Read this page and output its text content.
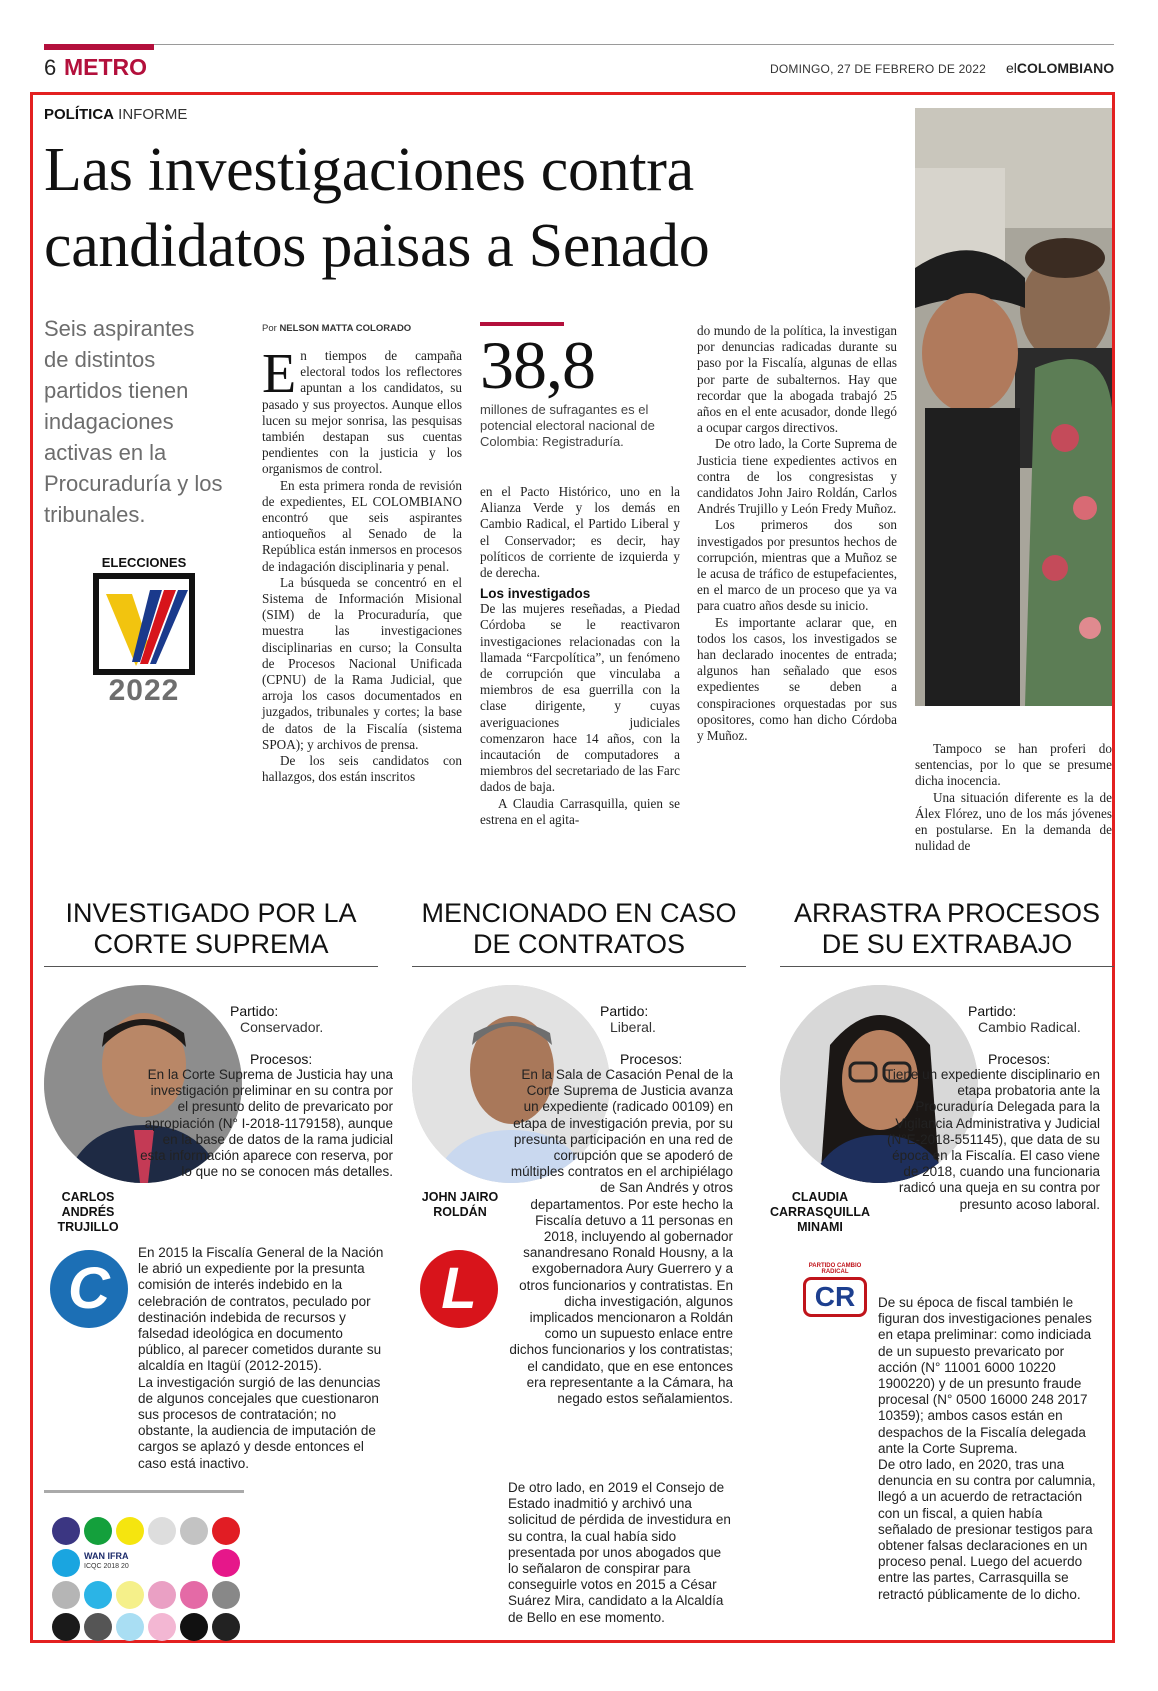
6 METRO	DOMINGO, 27 DE FEBRERO DE 2022 elCOLOMBIANO
POLÍTICA INFORME
Las investigaciones contra
candidatos paisas a Senado
Seis aspirantes de distintos partidos tienen indagaciones activas en la Procuraduría y los tribunales.
ELECCIONES
2022
Por NELSON MATTA COLORADO

En tiempos de campaña electoral todos los reflectores apuntan a los candidatos, su pasado y sus proyectos. Aunque ellos lucen su mejor sonrisa, las pesquisas también destapan sus cuentas pendientes con la justicia y los organismos de control.

En esta primera ronda de revisión de expedientes, EL COLOMBIANO encontró que seis aspirantes antioqueños al Senado de la República están inmersos en procesos de indagación disciplinaria y penal.

La búsqueda se concentró en el Sistema de Información Misional (SIM) de la Procuraduría, que muestra las investigaciones disciplinarias en curso; la Consulta de Procesos Nacional Unificada (CPNU) de la Rama Judicial, que arroja los casos documentados en juzgados, tribunales y cortes; la base de datos de la Fiscalía (sistema SPOA); y archivos de prensa.

De los seis candidatos con hallazgos, dos están inscritos

38,8
millones de sufragantes es el potencial electoral nacional de Colombia: Registraduría.

en el Pacto Histórico, uno en la Alianza Verde y los demás en Cambio Radical, el Partido Liberal y el Conservador; es decir, hay políticos de corriente de izquierda y de derecha.

Los investigados

De las mujeres reseñadas, a Piedad Córdoba se le reactivaron investigaciones relacionadas con la llamada “Farcpolítica”, un fenómeno de corrupción que vinculaba a miembros de esa guerrilla con la clase dirigente, y cuyas averiguaciones judiciales comenzaron hace 14 años, con la incautación de computadores a miembros del secretariado de las Farc dados de baja.

A Claudia Carrasquilla, quien se estrena en el agita-

do mundo de la política, la investigan por denuncias radicadas durante su paso por la Fiscalía, algunas de ellas por parte de subalternos. Hay que recordar que la abogada trabajó 25 años en el ente acusador, donde llegó a ocupar cargos directivos.

De otro lado, la Corte Suprema de Justicia tiene expedientes activos en contra de los congresistas y candidatos John Jairo Roldán, Carlos Andrés Trujillo y León Fredy Muñoz.

Los primeros dos son investigados por presuntos hechos de corrupción, mientras que a Muñoz se le acusa de tráfico de estupefacientes, en el marco de un proceso que ya va para cuatro años desde su inicio.

Es importante aclarar que, en todos los casos, los investigados se han declarado inocentes de entrada; algunos han señalado que esos expedientes se deben a conspiraciones orquestadas por sus opositores, como han dicho Córdoba y Muñoz.

Tampoco se han proferi do sentencias, por lo que se presume dicha inocencia.

Una situación diferente es la de Álex Flórez, uno de los más jóvenes en postularse. En la demanda de nulidad de

INVESTIGADO POR LA
CORTE SUPREMA
Partido:
Conservador.
Procesos:
En la Corte Suprema de Justicia hay una investigación preliminar en su contra por el presunto delito de prevaricato por apropiación (N° I-2018-1179158), aunque en la base de datos de la rama judicial esta información aparece con reserva, por lo que no se conocen más detalles.
CARLOS
ANDRÉS
TRUJILLO
C
En 2015 la Fiscalía General de la Nación le abrió un expediente por la presunta comisión de interés indebido en la celebración de contratos, peculado por destinación indebida de recursos y falsedad ideológica en documento público, al parecer cometidos durante su alcaldía en Itagüí (2012-2015).
La investigación surgió de las denuncias de algunos concejales que cuestionaron sus procesos de contratación; no obstante, la audiencia de imputación de cargos se aplazó y desde entonces el caso está inactivo.
MENCIONADO EN CASO
DE CONTRATOS
Partido:
Liberal.
Procesos:
En la Sala de Casación Penal de la Corte Suprema de Justicia avanza un expediente (radicado 00109) en etapa de investigación previa, por su presunta participación en una red de corrupción que se apoderó de múltiples contratos en el archipiélago de San Andrés y otros departamentos. Por este hecho la Fiscalía detuvo a 11 personas en 2018, incluyendo al gobernador sanandresano Ronald Housny, a la exgobernadora Aury Guerrero y a otros funcionarios y contratistas. En dicha investigación, algunos implicados mencionaron a Roldán como un supuesto enlace entre dichos funcionarios y los contratistas; el candidato, que en ese entonces era representante a la Cámara, ha negado estos señalamientos.
JOHN JAIRO
ROLDÁN
L
De otro lado, en 2019 el Consejo de Estado inadmitió y archivó una solicitud de pérdida de investidura en su contra, la cual había sido presentada por unos abogados que lo señalaron de conspirar para conseguirle votos en 2015 a César Suárez Mira, candidato a la Alcaldía de Bello en ese momento.
ARRASTRA PROCESOS
DE SU EXTRABAJO
Partido:
Cambio Radical.
Procesos:
Tiene un expediente disciplinario en etapa probatoria ante la Procuraduría Delegada para la Vigilancia Administrativa y Judicial (N°E-2018-551145), que data de su época en la Fiscalía. El caso viene de 2018, cuando una funcionaria radicó una queja en su contra por presunto acoso laboral.
CLAUDIA
CARRASQUILLA
MINAMI
PARTIDO CAMBIO RADICAL
CR	De su época de fiscal también le figuran dos investigaciones penales en etapa preliminar: como indiciada de un supuesto prevaricato por acción (N° 11001 6000 10220 1900220) y de un presunto fraude procesal (N° 0500 16000 248 2017 10359); ambos casos están en despachos de la Fiscalía delegada ante la Corte Suprema.
De otro lado, en 2020, tras una denuncia en su contra por calumnia, llegó a un acuerdo de retractación con un fiscal, a quien había señalado de presionar testigos para obtener falsas declaraciones en un proceso penal. Luego del acuerdo entre las partes, Carrasquilla se retractó públicamente de lo dicho.
WAN IFRA
ICQC 2018 20
